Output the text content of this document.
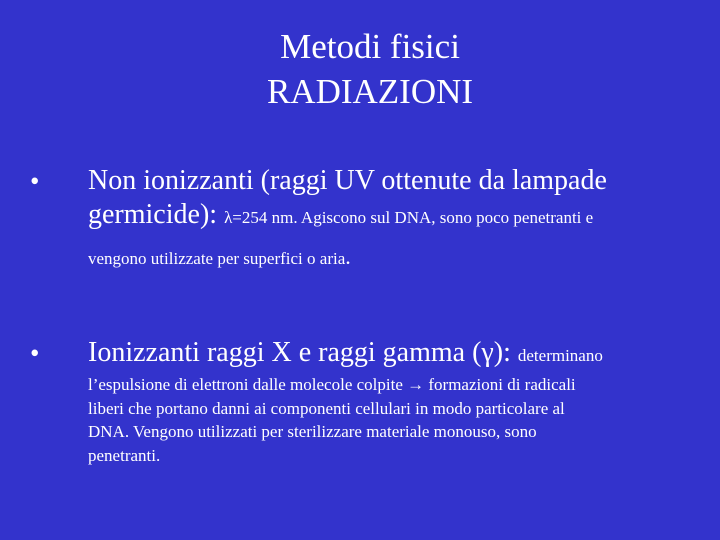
Metodi fisici
RADIAZIONI
• Non ionizzanti (raggi UV ottenute da lampade
germicide): λ=254 nm. Agiscono sul DNA, sono poco penetranti e
vengono utilizzate per superfici o aria.
• Ionizzanti raggi X e raggi gamma (γ): determinano
l’espulsione di elettroni dalle molecole colpite → formazioni di radicali
liberi che portano danni ai componenti cellulari in modo particolare al
DNA. Vengono utilizzati per sterilizzare materiale monouso, sono
penetranti.
